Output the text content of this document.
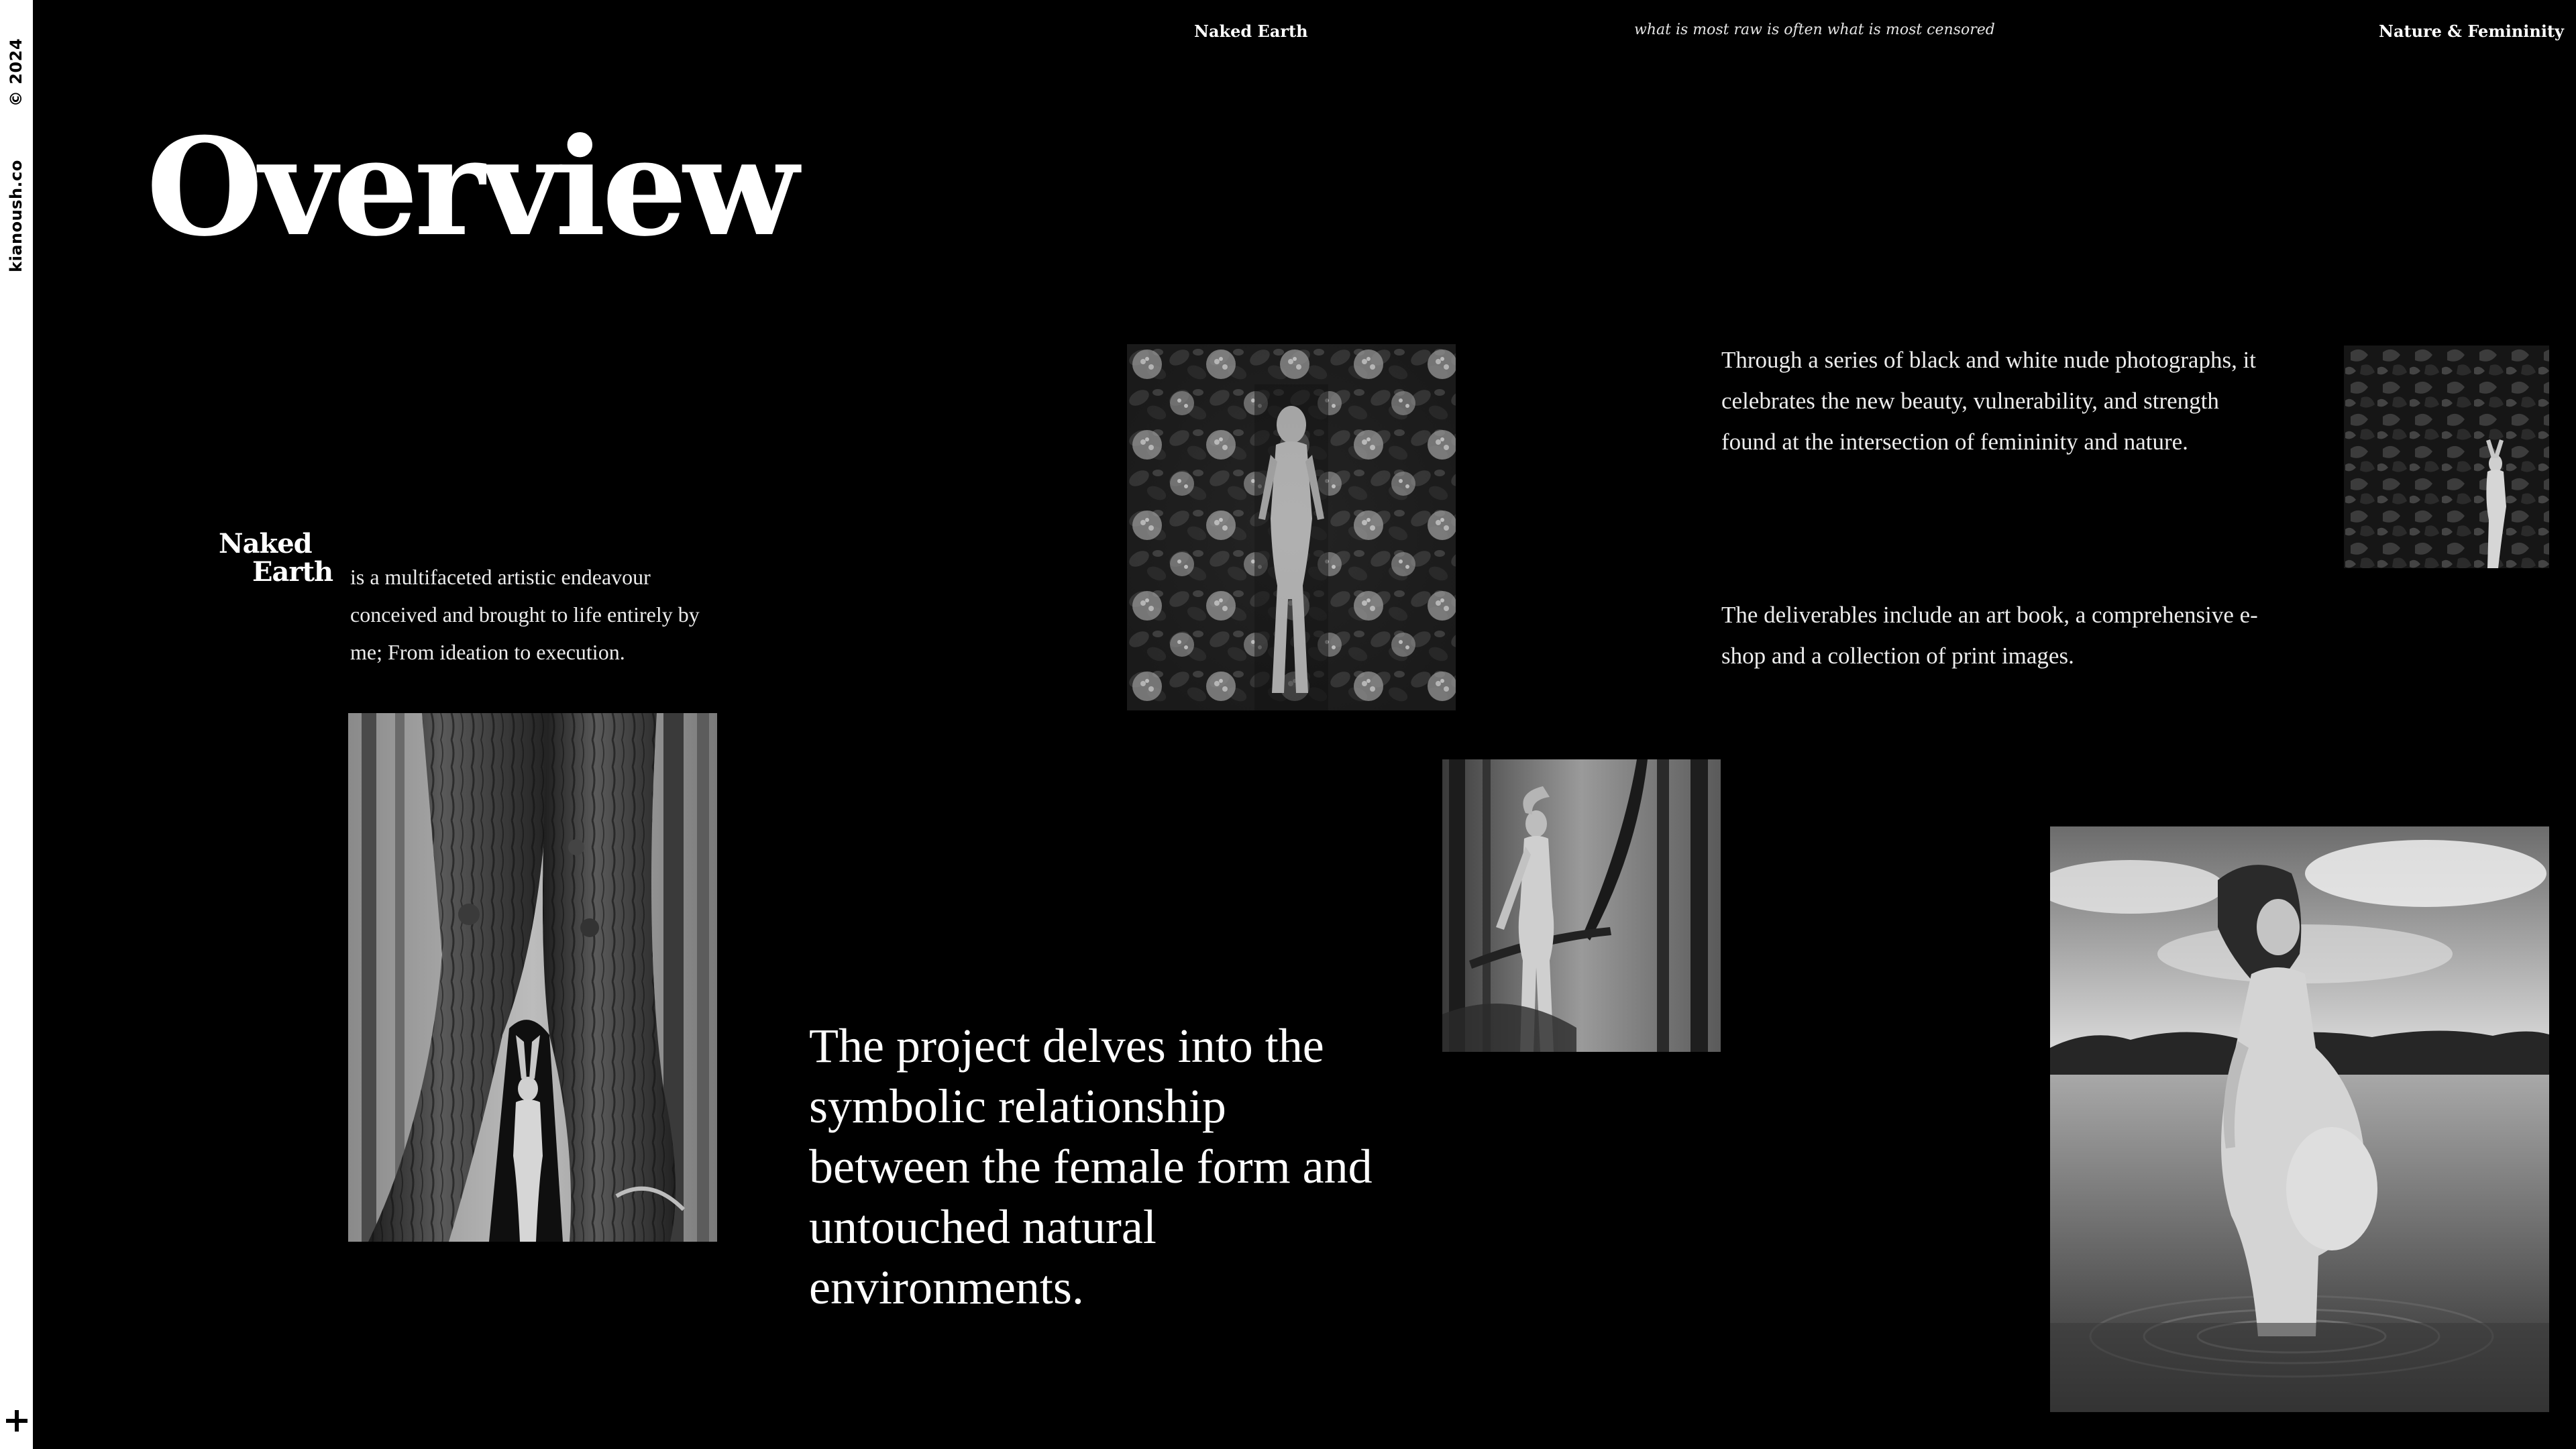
© 2024
kianoush.co
Naked Earth	what is most raw is often what is most censored	Nature & Femininity
Overview
Naked
Earth is a multifaceted artistic endeavour conceived and brought to life entirely by me; From ideation to execution.
Through a series of black and white nude photographs, it celebrates the new beauty, vulnerability, and strength found at the intersection of femininity and nature.
The deliverables include an art book, a comprehensive e-shop and a collection of print images.
The project delves into the symbolic relationship between the female form and untouched natural environments.
